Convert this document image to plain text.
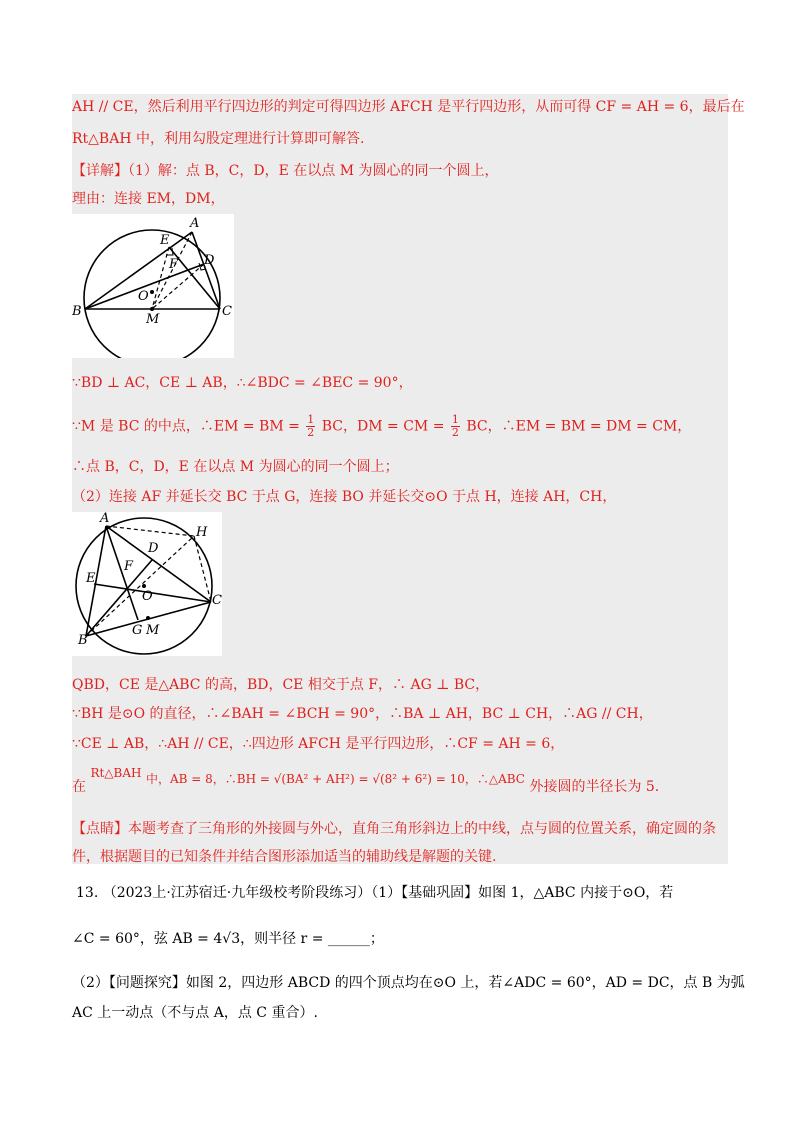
AH // CE，然后利用平行四边形的判定可得四边形 AFCH 是平行四边形，从而可得 CF = AH = 6，最后在
Rt△BAH 中，利用勾股定理进行计算即可解答.
【详解】（1）解：点 B，C，D，E 在以点 M 为圆心的同一个圆上，
理由：连接 EM，DM，
A
E
D
F
O
B
M
C
∵BD ⊥ AC，CE ⊥ AB，∴∠BDC = ∠BEC = 90°，
∵M 是 BC 的中点，∴EM = BM = $\frac{1}{2}$ BC，DM = CM = $\frac{1}{2}$ BC，∴EM = BM = DM = CM，
∴点 B，C，D，E 在以点 M 为圆心的同一个圆上；
（2）连接 AF 并延长交 BC 于点 G，连接 BO 并延长交⊙O 于点 H，连接 AH，CH，
A
H
D
E
F
O	C
B
G M
QBD，CE 是△ABC 的高，BD，CE 相交于点 F，∴ AG ⊥ BC，
∵BH 是⊙O 的直径，∴∠BAH = ∠BCH = 90°，∴BA ⊥ AH，BC ⊥ CH，∴AG // CH，
∵CE ⊥ AB，∴AH // CE，∴四边形 AFCH 是平行四边形，∴CF = AH = 6，
在 Rt△BAH 中，AB = 8，∴BH = √(BA² + AH²) = √(8² + 6²) = 10，∴△ABC 外接圆的半径长为 5.
【点睛】本题考查了三角形的外接圆与外心，直角三角形斜边上的中线，点与圆的位置关系，确定圆的条
件，根据题目的已知条件并结合图形添加适当的辅助线是解题的关键.
13. （2023上·江苏宿迁·九年级校考阶段练习）（1）【基础巩固】如图 1，△ABC 内接于⊙O，若
∠C = 60°，弦 AB = 4√3，则半径 r = ______；
（2）【问题探究】如图 2，四边形 ABCD 的四个顶点均在⊙O 上，若∠ADC = 60°，AD = DC，点 B 为弧
AC 上一动点（不与点 A，点 C 重合）.
